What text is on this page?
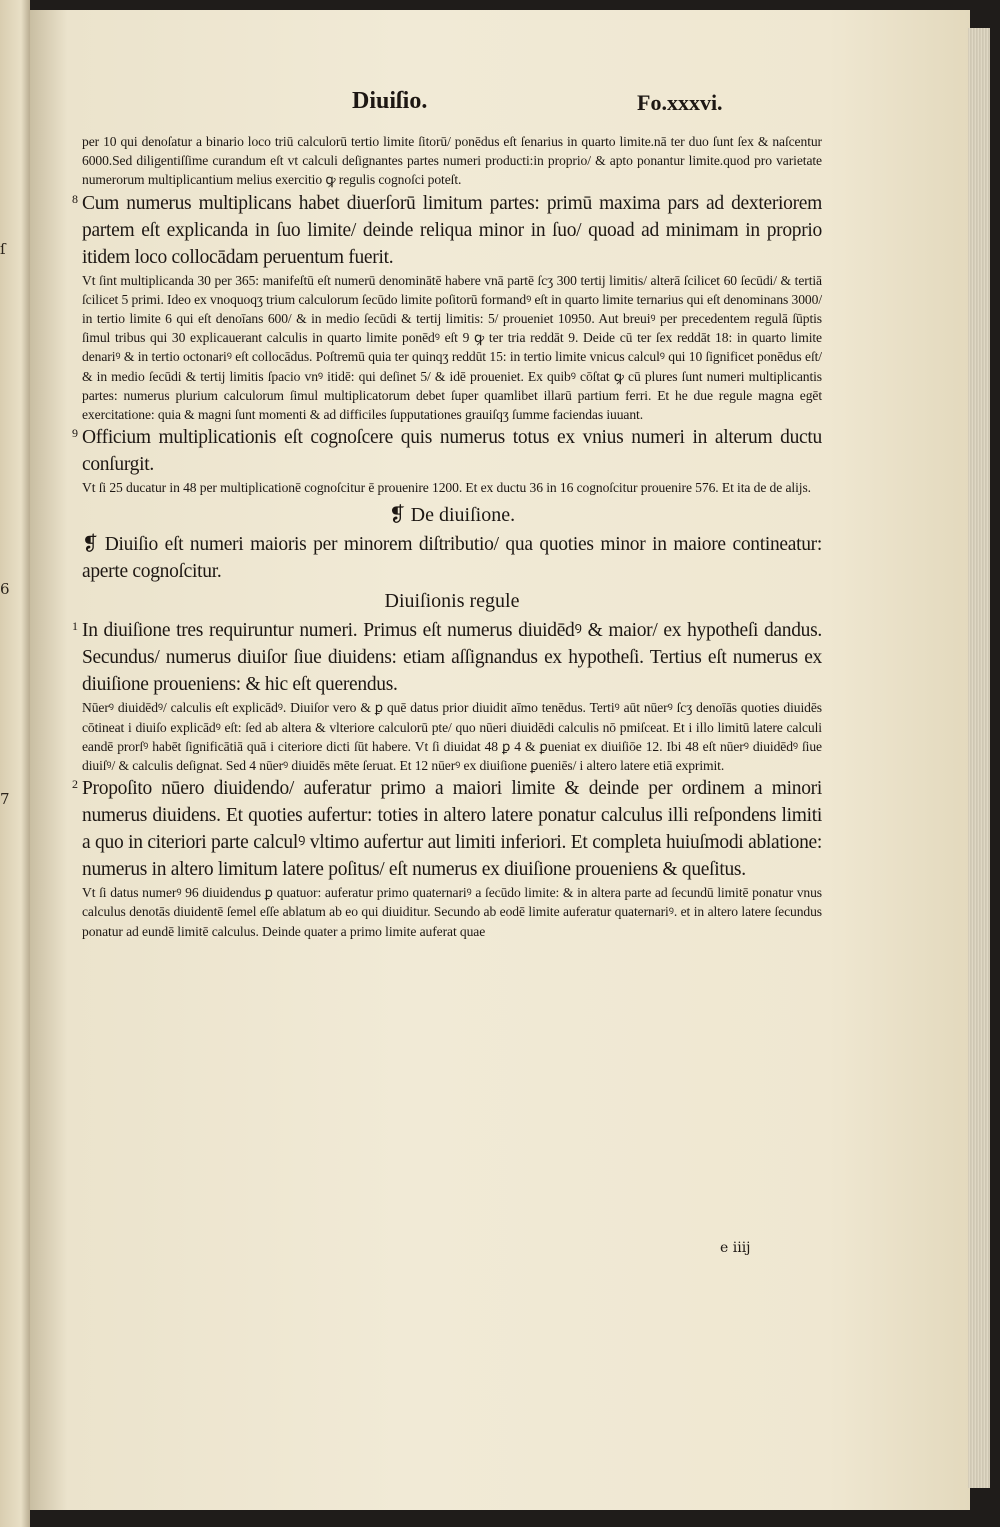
ſ
6
7
Diuiſio.	Fo.xxxvi.

per 10 qui denoſatur a binario loco triū calculorū tertio limite ſitorū/ ponēdus eſt ſenarius in quarto limite.nā ter duo ſunt ſex & naſcentur 6000.Sed diligentiſſime curandum eſt vt calculi deſignantes partes numeri producti:in proprio/ & apto ponantur limite.quod pro varietate numerorum multiplicantium melius exercitio ꝙ regulis cognoſci poteſt.

8 Cum numerus multiplicans habet diuerſorū limitum partes: primū maxima pars ad dexteriorem partem eſt explicanda in ſuo limite/ deinde reliqua minor in ſuo/ quoad ad minimam in proprio itidem loco collocādam peruentum fuerit.

Vt ſint multiplicanda 30 per 365: manifeſtū eſt numerū denominātē habere vnā partē ſcʒ 300 tertij limitis/ alterā ſcilicet 60 ſecūdi/ & tertiā ſcilicet 5 primi. Ideo ex vnoquoqʒ trium calculorum ſecūdo limite poſitorū formandꝰ eſt in quarto limite ternarius qui eſt denominans 3000/ in tertio limite 6 qui eſt denoīans 600/ & in medio ſecūdi & tertij limitis: 5/ proueniet 10950. Aut breuiꝰ per precedentem regulā ſūptis ſimul tribus qui 30 explicauerant calculis in quarto limite ponēdꝰ eſt 9 ꝙ ter tria reddāt 9. Deide cū ter ſex reddāt 18: in quarto limite denariꝰ & in tertio octonariꝰ eſt collocādus. Poſtremū quia ter quinqʒ reddūt 15: in tertio limite vnicus calculꝰ qui 10 ſignificet ponēdus eſt/ & in medio ſecūdi & tertij limitis ſpacio vnꝰ itidē: qui deſinet 5/ & idē proueniet. Ex quibꝰ cōſtat ꝙ cū plures ſunt numeri multiplicantis partes: numerus plurium calculorum ſimul multiplicatorum debet ſuper quamlibet illarū partium ferri. Et he due regule magna egēt exercitatione: quia & magni ſunt momenti & ad difficiles ſupputationes grauiſqʒ ſumme faciendas iuuant.

9 Officium multiplicationis eſt cognoſcere quis numerus totus ex vnius numeri in alterum ductu conſurgit.

Vt ſi 25 ducatur in 48 per multiplicationē cognoſcitur ē prouenire 1200. Et ex ductu 36 in 16 cognoſcitur prouenire 576. Et ita de de alijs.

❡ De diuiſione.

❡ Diuiſio eſt numeri maioris per minorem diſtributio/ qua quoties minor in maiore contineatur: aperte cognoſcitur.

Diuiſionis regule
1 In diuiſione tres requiruntur numeri. Primus eſt numerus diuidēdꝰ & maior/ ex hypotheſi dandus. Secundus/ numerus diuiſor ſiue diuidens: etiam aſſignandus ex hypotheſi. Tertius eſt numerus ex diuiſione proueniens: & hic eſt querendus.

Nūerꝰ diuidēdꝰ/ calculis eſt explicādꝰ. Diuiſor vero & ꝑ quē datus prior diuidit aīmo tenēdus. Tertiꝰ aūt nūerꝰ ſcʒ denoīās quoties diuidēs cōtineat i diuiſo explicādꝰ eſt: ſed ab altera & vlteriore calculorū pte/ quo nūeri diuidēdi calculis nō pmiſceat. Et i illo limitū latere calculi eandē prorſꝰ habēt ſignificātiā quā i citeriore dicti ſūt habere. Vt ſi diuidat 48 ꝑ 4 & ꝑueniat ex diuiſiōe 12. Ibi 48 eſt nūerꝰ diuidēdꝰ ſiue diuiſꝰ/ & calculis deſignat. Sed 4 nūerꝰ diuidēs mēte ſeruat. Et 12 nūerꝰ ex diuiſione ꝑueniēs/ i altero latere etiā exprimit.

2 Propoſito nūero diuidendo/ auferatur primo a maiori limite & deinde per ordinem a minori numerus diuidens. Et quoties aufertur: toties in altero latere ponatur calculus illi reſpondens limiti a quo in citeriori parte calculꝰ vltimo aufertur aut limiti inferiori. Et completa huiuſmodi ablatione: numerus in altero limitum latere poſitus/ eſt numerus ex diuiſione proueniens & queſitus.

Vt ſi datus numerꝰ 96 diuidendus ꝑ quatuor: auferatur primo quaternariꝰ a ſecūdo limite: & in altera parte ad ſecundū limitē ponatur vnus calculus denotās diuidentē ſemel eſſe ablatum ab eo qui diuiditur. Secundo ab eodē limite auferatur quaternariꝰ. et in altero latere ſecundus ponatur ad eundē limitē calculus. Deinde quater a primo limite auferat quae

e iiij
